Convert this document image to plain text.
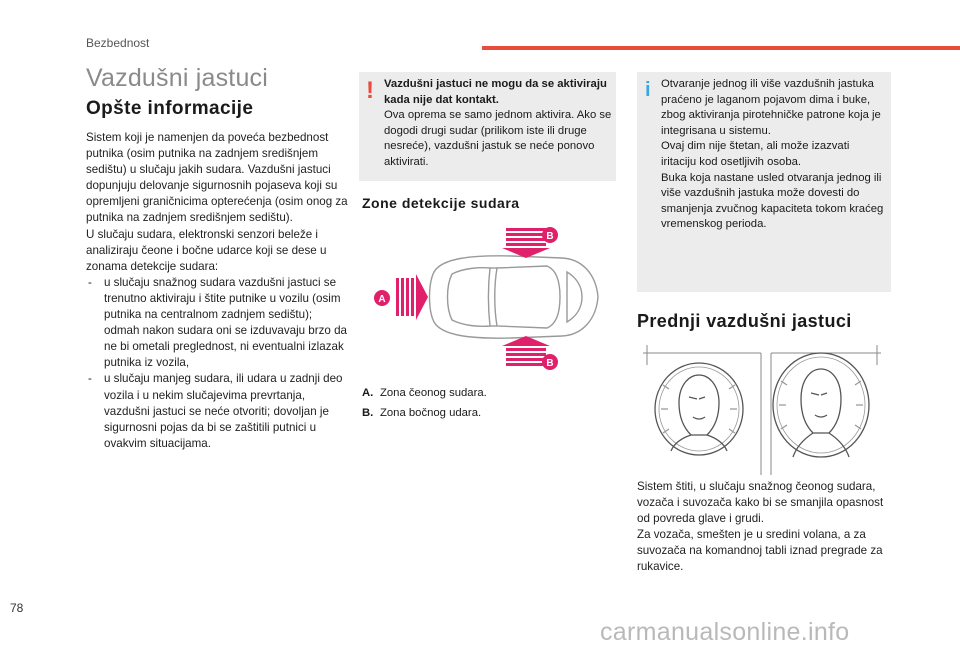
Bezbednost
Vazdušni jastuci
Opšte informacije

Sistem koji je namenjen da poveća bezbednost putnika (osim putnika na zadnjem središnjem sedištu) u slučaju jakih sudara. Vazdušni jastuci dopunjuju delovanje sigurnosnih pojaseva koji su opremljeni graničnicima opterećenja (osim onog za putnika na zadnjem središnjem sedištu).

U slučaju sudara, elektronski senzori beleže i analiziraju čeone i bočne udarce koji se dese u zonama detekcije sudara:

- u slučaju snažnog sudara vazdušni jastuci se trenutno aktiviraju i štite putnike u vozilu (osim putnika na centralnom zadnjem sedištu); odmah nakon sudara oni se izduvavaju brzo da ne bi ometali preglednost, ni eventualni izlazak putnika iz vozila,
- u slučaju manjeg sudara, ili udara u zadnji deo vozila i u nekim slučajevima prevrtanja, vazdušni jastuci se neće otvoriti; dovoljan je sigurnosni pojas da bi se zaštitili putnici u ovakvim situacijama.
! Vazdušni jastuci ne mogu da se aktiviraju kada nije dat kontakt.
Ova oprema se samo jednom aktivira. Ako se dogodi drugi sudar (prilikom iste ili druge nesreće), vazdušni jastuk se neće ponovo aktivirati.
Zone detekcije sudara
A
B
B
A. Zona čeonog sudara.
B. Zona bočnog udara.
i Otvaranje jednog ili više vazdušnih jastuka praćeno je laganom pojavom dima i buke, zbog aktiviranja pirotehničke patrone koja je integrisana u sistemu.
Ovaj dim nije štetan, ali može izazvati iritaciju kod osetljivih osoba.
Buka koja nastane usled otvaranja jednog ili više vazdušnih jastuka može dovesti do smanjenja zvučnog kapaciteta tokom kraćeg vremenskog perioda.
Prednji vazdušni jastuci

Sistem štiti, u slučaju snažnog čeonog sudara, vozača i suvozača kako bi se smanjila opasnost od povreda glave i grudi.

Za vozača, smešten je u sredini volana, a za suvozača na komandnoj tabli iznad pregrade za rukavice.

78
carmanualsonline.info
